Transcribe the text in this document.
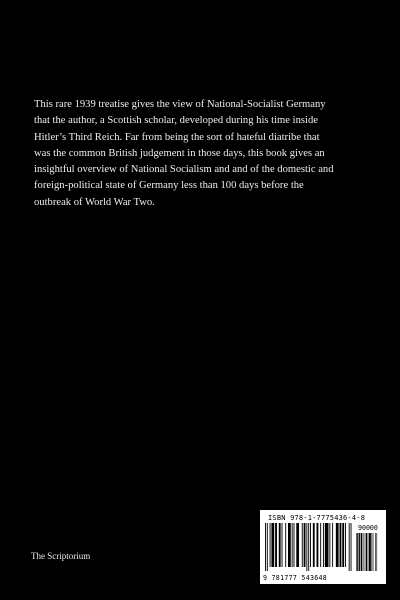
This rare 1939 treatise gives the view of National-Socialist Germany
that the author, a Scottish scholar, developed during his time inside
Hitler’s Third Reich. Far from being the sort of hateful diatribe that
was the common British judgement in those days, this book gives an
insightful overview of National Socialism and and of the domestic and
foreign-political state of Germany less than 100 days before the
outbreak of World War Two.

The Scriptorium
ISBN 978-1-7775436-4-8
9 781777 543648
90000
